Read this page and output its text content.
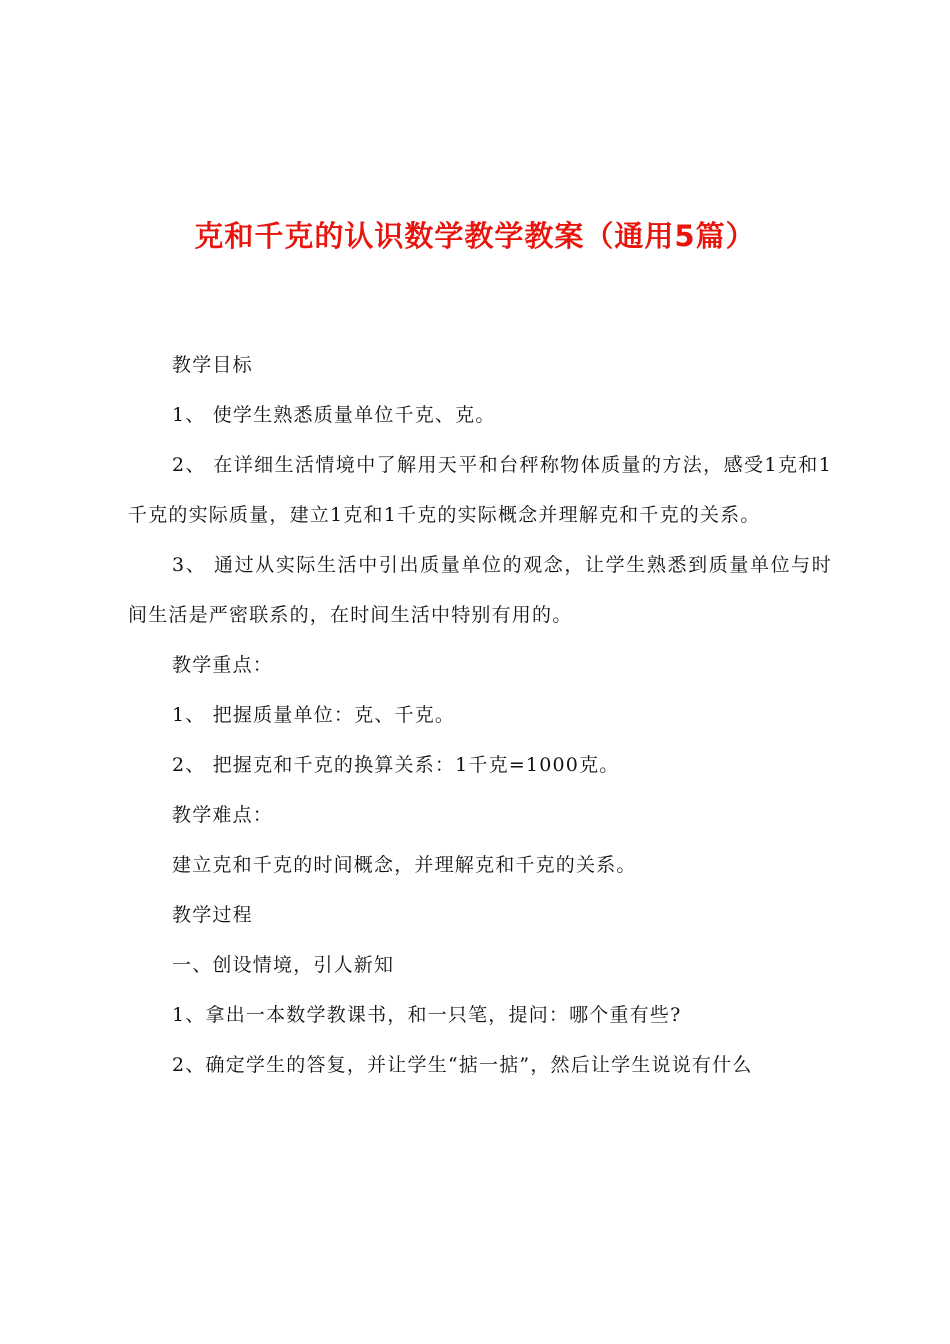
克和千克的认识数学教学教案（通用5篇）

教学目标

1、 使学生熟悉质量单位千克、克。

2、 在详细生活情境中了解用天平和台秤称物体质量的方法，感受1克和1千克的实际质量，建立1克和1千克的实际概念并理解克和千克的关系。

3、 通过从实际生活中引出质量单位的观念，让学生熟悉到质量单位与时间生活是严密联系的，在时间生活中特别有用的。

教学重点：

1、 把握质量单位：克、千克。

2、 把握克和千克的换算关系：1千克=1000克。

教学难点：

建立克和千克的时间概念，并理解克和千克的关系。

教学过程

一、创设情境，引人新知

1、拿出一本数学教课书，和一只笔，提问：哪个重有些?

2、确定学生的答复，并让学生“掂一掂”，然后让学生说说有什么
